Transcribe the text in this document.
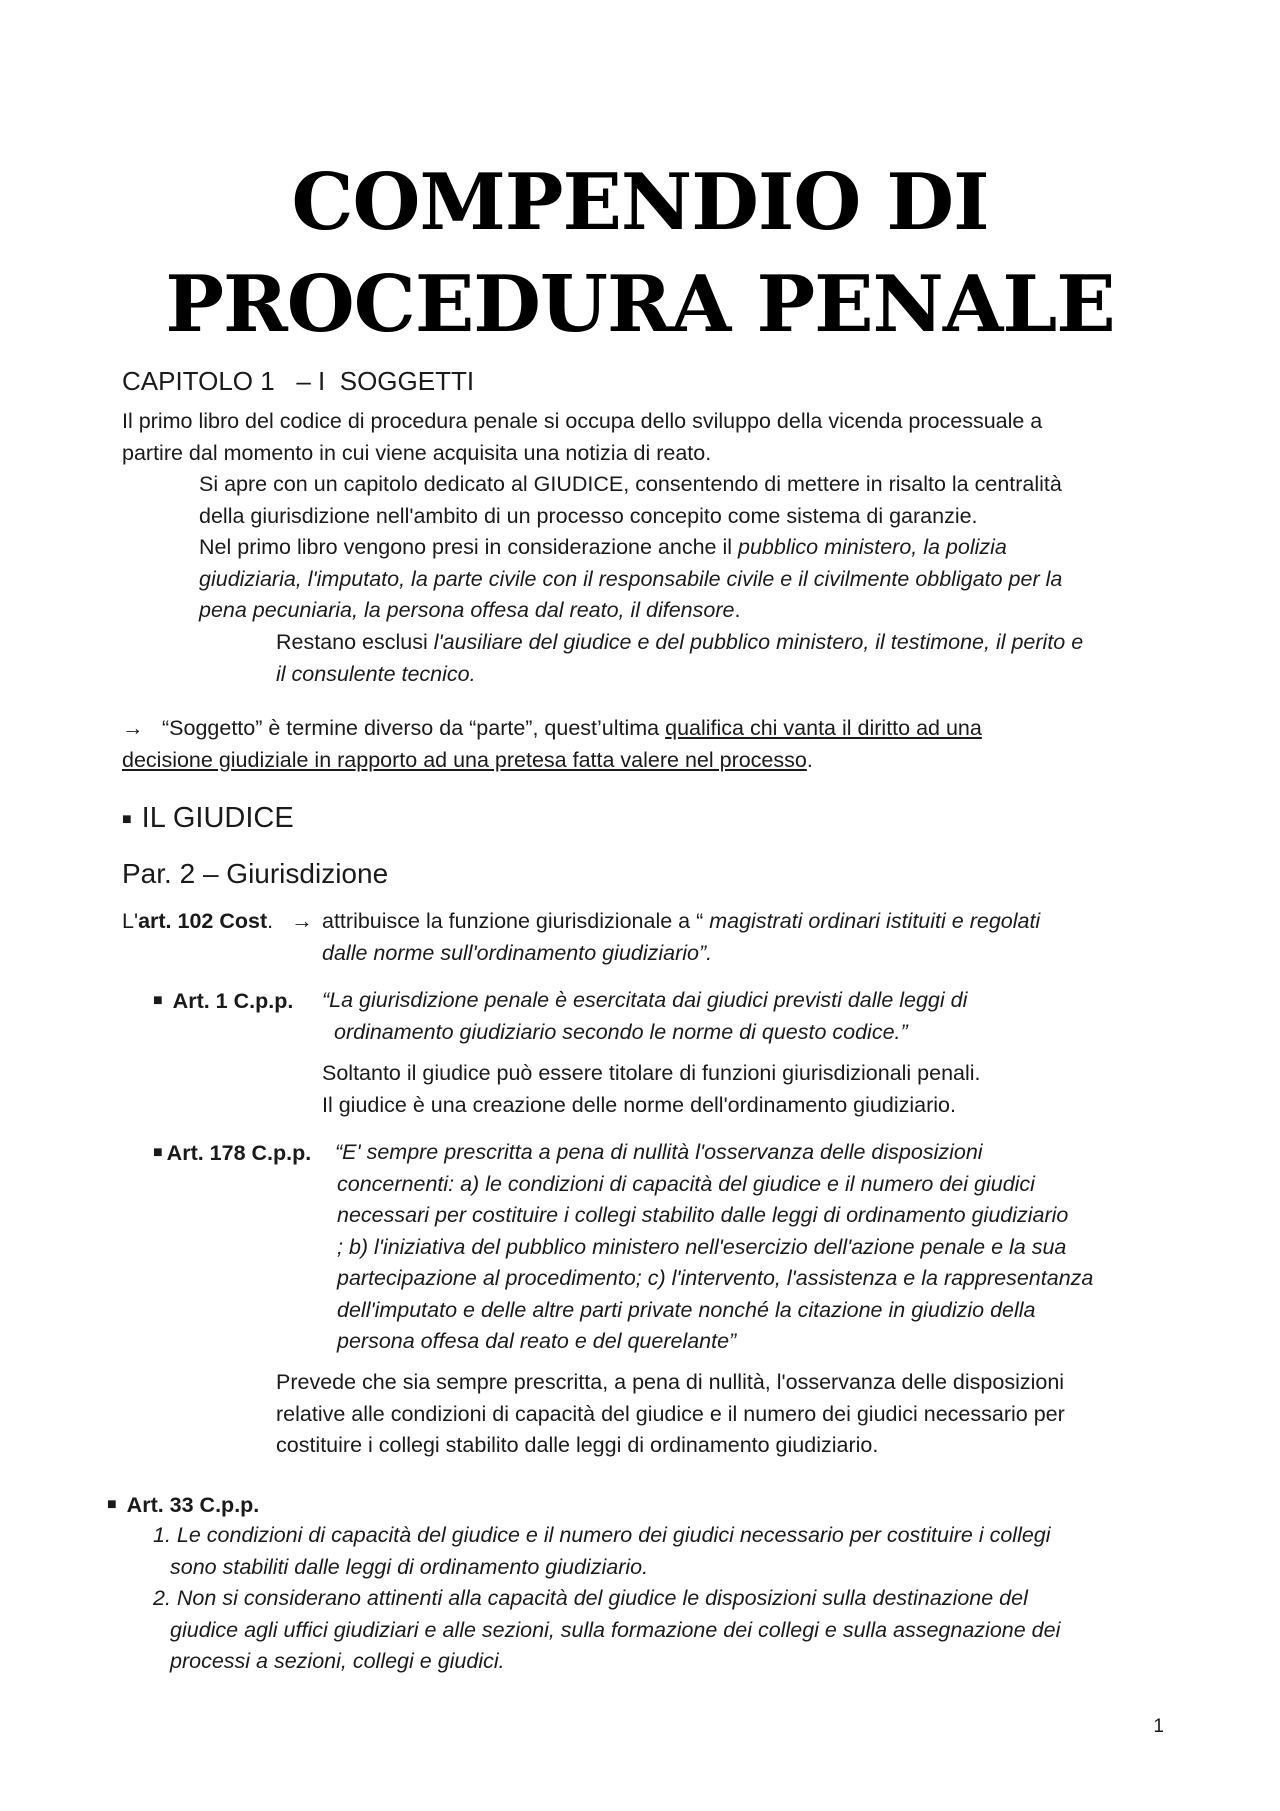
COMPENDIO DI
PROCEDURA PENALE
CAPITOLO 1 – I SOGGETTI
Il primo libro del codice di procedura penale si occupa dello sviluppo della vicenda processuale a
partire dal momento in cui viene acquisita una notizia di reato.
Si apre con un capitolo dedicato al GIUDICE, consentendo di mettere in risalto la centralità
della giurisdizione nell'ambito di un processo concepito come sistema di garanzie.
Nel primo libro vengono presi in considerazione anche il pubblico ministero, la polizia
giudiziaria, l'imputato, la parte civile con il responsabile civile e il civilmente obbligato per la
pena pecuniaria, la persona offesa dal reato, il difensore.
Restano esclusi l'ausiliare del giudice e del pubblico ministero, il testimone, il perito e
il consulente tecnico.
→ “Soggetto” è termine diverso da “parte”, quest’ultima qualifica chi vanta il diritto ad una
decisione giudiziale in rapporto ad una pretesa fatta valere nel processo.
■ IL GIUDICE
Par. 2 – Giurisdizione
L'art. 102 Cost. → attribuisce la funzione giurisdizionale a “ magistrati ordinari istituiti e regolati
dalle norme sull'ordinamento giudiziario”.
■ Art. 1 C.p.p. “La giurisdizione penale è esercitata dai giudici previsti dalle leggi di
ordinamento giudiziario secondo le norme di questo codice.”
Soltanto il giudice può essere titolare di funzioni giurisdizionali penali.
Il giudice è una creazione delle norme dell'ordinamento giudiziario.
■ Art. 178 C.p.p. “E' sempre prescritta a pena di nullità l'osservanza delle disposizioni
concernenti: a) le condizioni di capacità del giudice e il numero dei giudici
necessari per costituire i collegi stabilito dalle leggi di ordinamento giudiziario
; b) l'iniziativa del pubblico ministero nell'esercizio dell'azione penale e la sua
partecipazione al procedimento; c) l'intervento, l'assistenza e la rappresentanza
dell'imputato e delle altre parti private nonché la citazione in giudizio della
persona offesa dal reato e del querelante”
Prevede che sia sempre prescritta, a pena di nullità, l'osservanza delle disposizioni
relative alle condizioni di capacità del giudice e il numero dei giudici necessario per
costituire i collegi stabilito dalle leggi di ordinamento giudiziario.
■ Art. 33 C.p.p.
1. Le condizioni di capacità del giudice e il numero dei giudici necessario per costituire i collegi
sono stabiliti dalle leggi di ordinamento giudiziario.
2. Non si considerano attinenti alla capacità del giudice le disposizioni sulla destinazione del
giudice agli uffici giudiziari e alle sezioni, sulla formazione dei collegi e sulla assegnazione dei
processi a sezioni, collegi e giudici.
1
